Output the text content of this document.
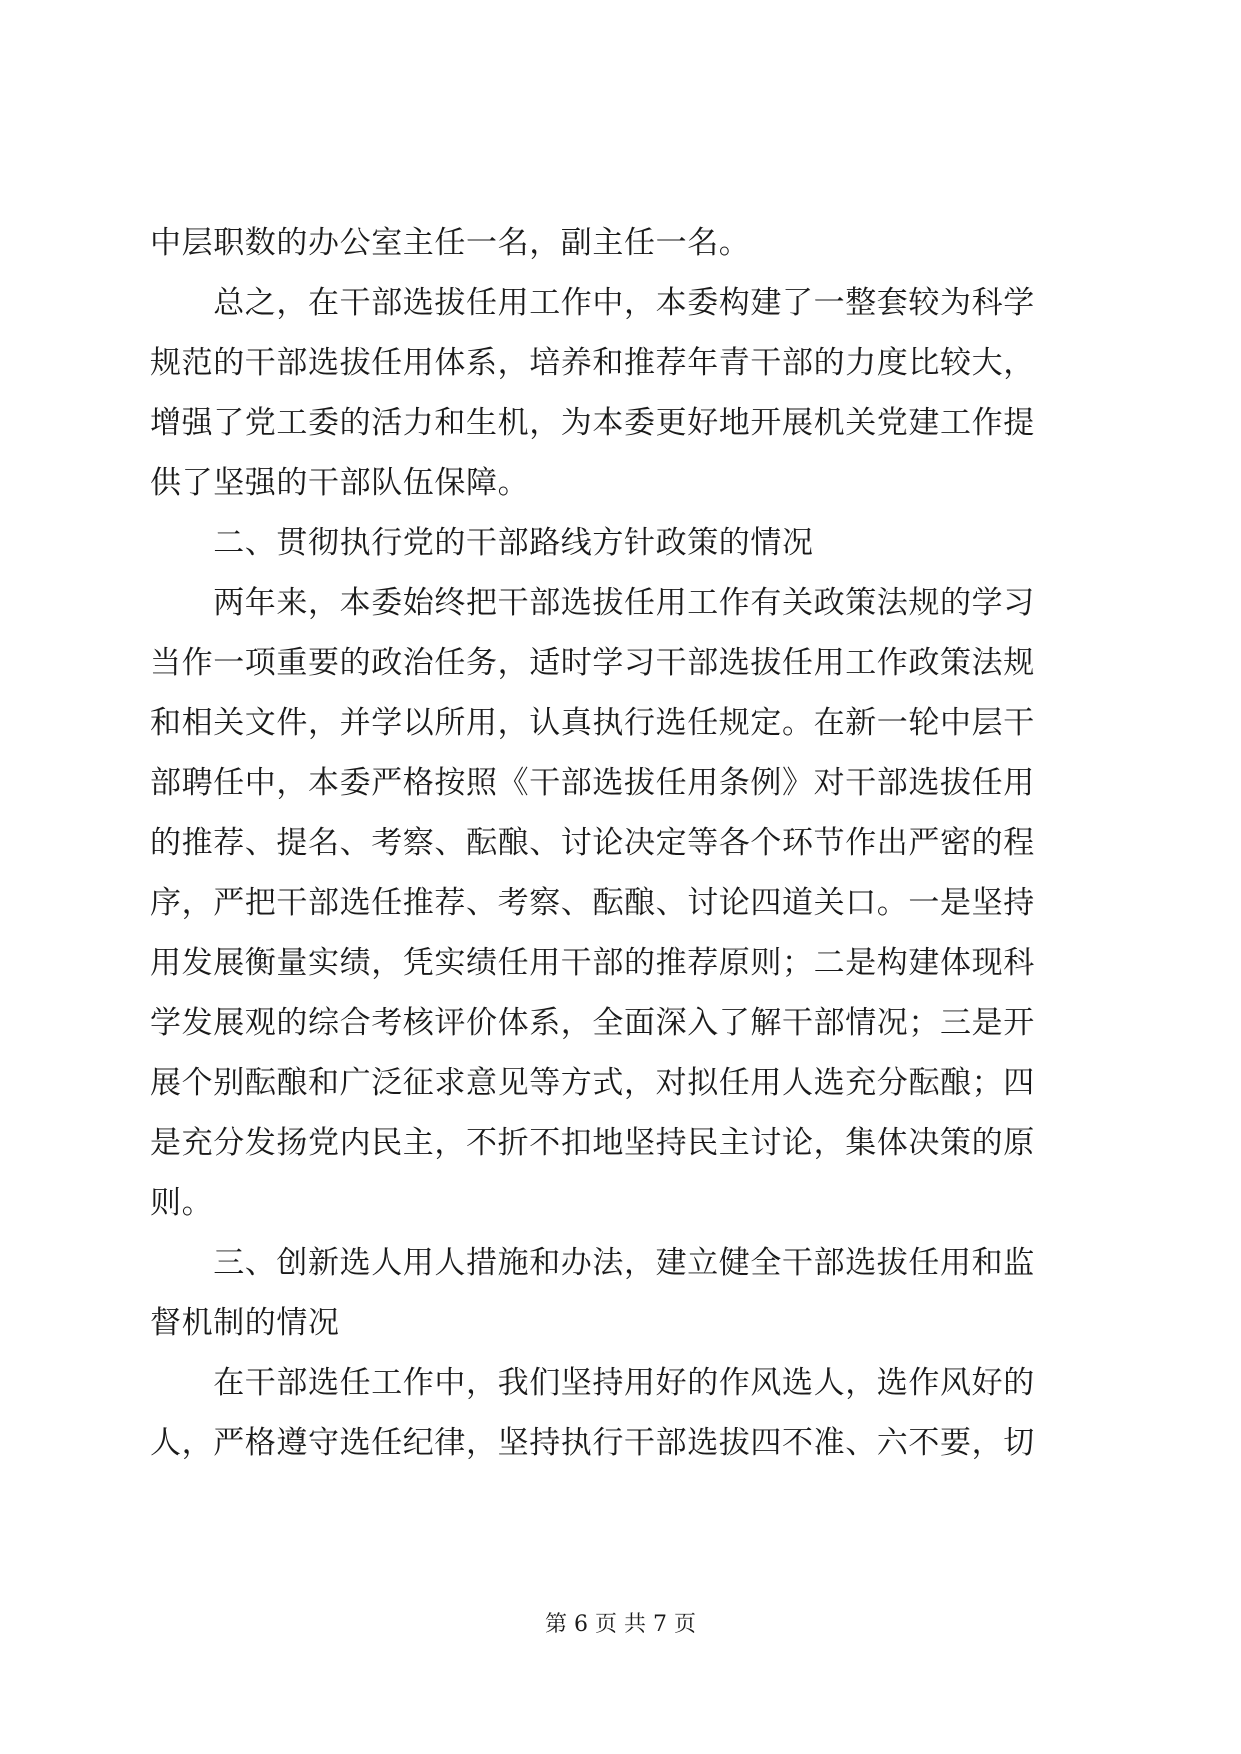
中层职数的办公室主任一名，副主任一名。
　　总之，在干部选拔任用工作中，本委构建了一整套较为科学
规范的干部选拔任用体系，培养和推荐年青干部的力度比较大，
增强了党工委的活力和生机，为本委更好地开展机关党建工作提
供了坚强的干部队伍保障。
　　二、贯彻执行党的干部路线方针政策的情况
　　两年来，本委始终把干部选拔任用工作有关政策法规的学习
当作一项重要的政治任务，适时学习干部选拔任用工作政策法规
和相关文件，并学以所用，认真执行选任规定。在新一轮中层干
部聘任中，本委严格按照《干部选拔任用条例》对干部选拔任用
的推荐、提名、考察、酝酿、讨论决定等各个环节作出严密的程
序，严把干部选任推荐、考察、酝酿、讨论四道关口。一是坚持
用发展衡量实绩，凭实绩任用干部的推荐原则；二是构建体现科
学发展观的综合考核评价体系，全面深入了解干部情况；三是开
展个别酝酿和广泛征求意见等方式，对拟任用人选充分酝酿；四
是充分发扬党内民主，不折不扣地坚持民主讨论，集体决策的原
则。
　　三、创新选人用人措施和办法，建立健全干部选拔任用和监
督机制的情况
　　在干部选任工作中，我们坚持用好的作风选人，选作风好的
人，严格遵守选任纪律，坚持执行干部选拔四不准、六不要，切
第 6 页 共 7 页
